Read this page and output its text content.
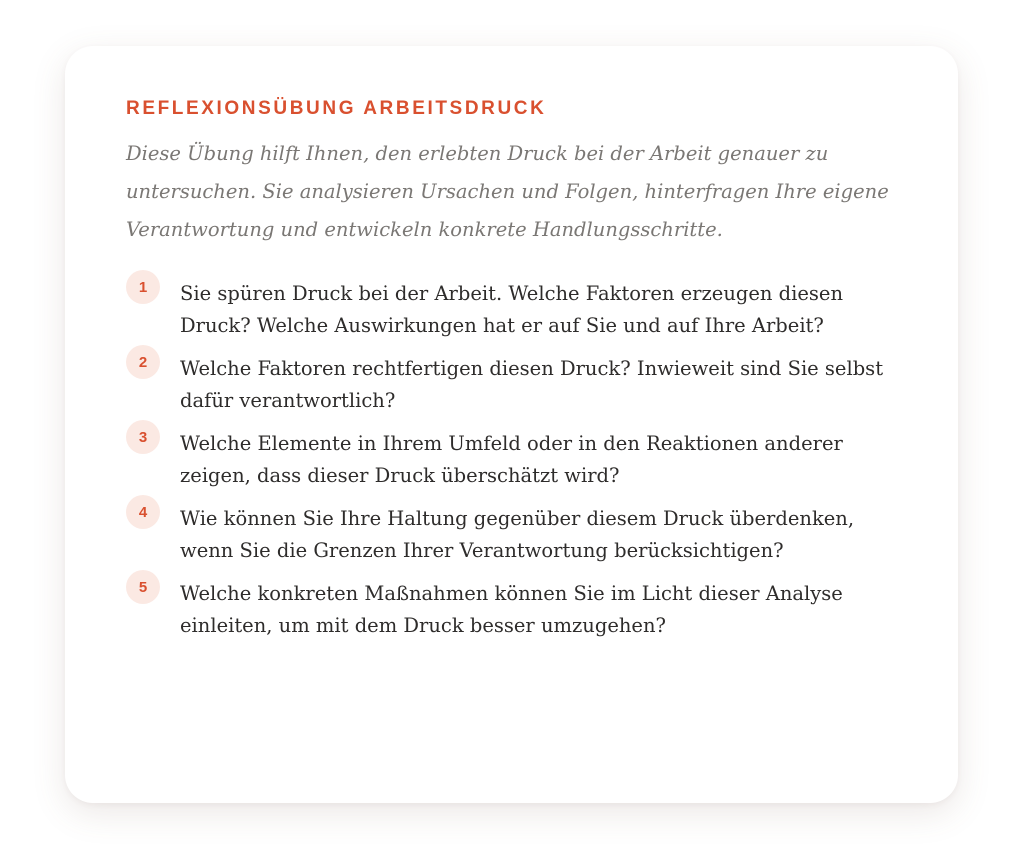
REFLEXIONSÜBUNG ARBEITSDRUCK

Diese Übung hilft Ihnen, den erlebten Druck bei der Arbeit genauer zu untersuchen. Sie analysieren Ursachen und Folgen, hinterfragen Ihre eigene Verantwortung und entwickeln konkrete Handlungsschritte.

1	Sie spüren Druck bei der Arbeit. Welche Faktoren erzeugen diesen Druck? Welche Auswirkungen hat er auf Sie und auf Ihre Arbeit?
2	Welche Faktoren rechtfertigen diesen Druck? Inwieweit sind Sie selbst dafür verantwortlich?
3	Welche Elemente in Ihrem Umfeld oder in den Reaktionen anderer zeigen, dass dieser Druck überschätzt wird?
4	Wie können Sie Ihre Haltung gegenüber diesem Druck überdenken, wenn Sie die Grenzen Ihrer Verantwortung berücksichtigen?
5	Welche konkreten Maßnahmen können Sie im Licht dieser Analyse einleiten, um mit dem Druck besser umzugehen?
